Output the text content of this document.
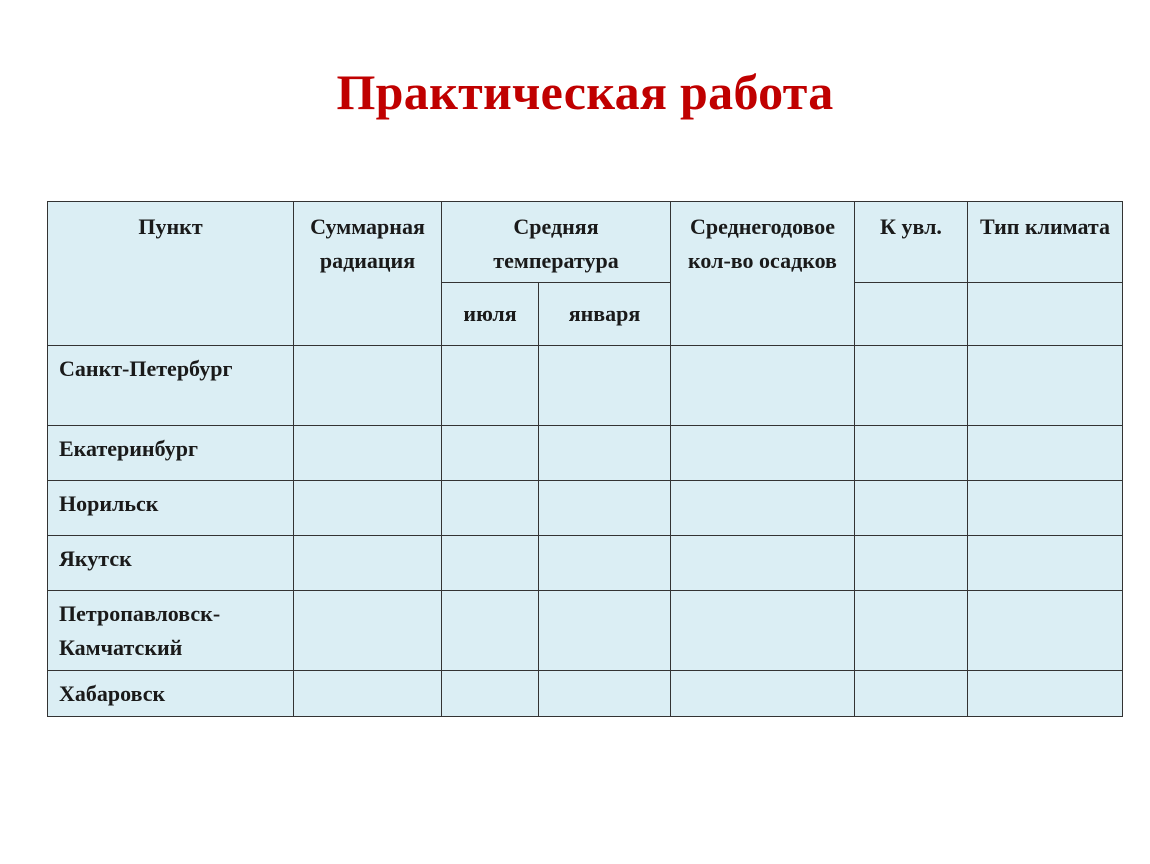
Практическая работа
Пункт	Суммарная радиация	Средняя температура		Среднегодовое кол-во осадков	К увл.	Тип климата
		июля	января			
Санкт-Петербург						
Екатеринбург						
Норильск						
Якутск						
Петропавловск-Камчатский						
Хабаровск						
